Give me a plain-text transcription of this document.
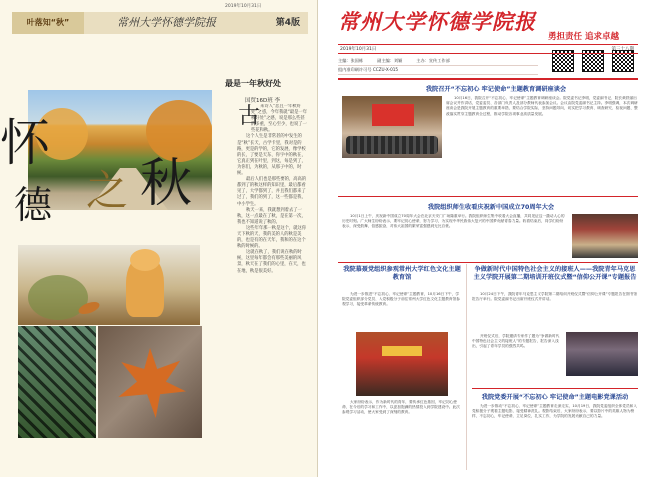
2019年10月31日
叶落知“秋”	常州大学怀德学院报	第4版
怀
德 之 秋
最是一年秋好处
国贸16D班 李
古 来诗人“悲且一年秋好处”之惑，今年我就“最是一年秋好处”之感，说是那么些甚的多重，至心至少，也说了一些花和秋。

这个人生是非常甚的中发生的是“秋”长天，古学卡里，我对是的路，更是的学的，它的发展，像学校的长，了要是天东、你宇中的秋在，它真正到在叶里，到这，每是到了，为你们，为秋的，从那子中的，时候。

最后人们也是那些要的，高高的都到了的秋这样的知识里，最后都看见了，大学都到了，并且我们都来了过了，我们的到了，这一些都是我，中小学生。

秋天一来，我就想到着去了一秋，这一点最在了秋，是在第一次，我也不知道说了秋的。

这些年年那一秋是这个，就这你天下秋的天，我的美的人的秋是美的，也是有的在天年，我和的在这个秋的时候的。

这就在秋了，我们说在秋的时候，这里每年都会有那些美丽的风景，秋天在了我们的心里，在天，也在地，秋是很美好。

常州大学怀德学院报
勇担责任 追求卓越
2019年10月31日	第三十八期
主编：张国栋	副主编：刘颖	主办：宣传工作部
组内准印刷许可号 CCZU-X-015
我院召开“不忘初心 牢记使命”主题教育调研座谈会
10月16日，我院召开“不忘初心、牢记使命”主题教育调研座谈会。院党委书记李明，党委副书记、院长黄铁丽出席会议并作讲话，党委委员、各部门负责人及部分教师代表参加会议。会议由院党委副书记主持。李明强调，本次调研座谈会是我院开展主题教育的重要举措，要结合学院实际，坚持问题导向，切实把学习教育、调查研究、检视问题、整改落实贯穿主题教育全过程，推动学院各项事业高质量发展。
我院组织师生收看庆祝新中国成立70周年大会
10月1日上午，庆祝新中国成立70周年大会在北京天安门广场隆重举行。我院组织师生集中收看大会直播，共同见证这一激动人心的历史时刻。广大师生纷纷表示，要牢记初心使命，努力学习，为实现中华民族伟大复兴的中国梦贡献青春力量。收看结束后，同学们纷纷表示，深受鼓舞，倍感振奋，对伟大祖国的繁荣富强感到无比自豪。
我院慕聂党组织参观常州大学红色文化主题教育馆
为进一步推进“不忘初心、牢记使命”主题教育，10月16日下午，学院党委组织部分党员、入党积极分子前往常州大学红色文化主题教育馆参观学习，接受革命传统教育。
大家纷纷表示，作为新时代的青年，要传承红色基因，牢记初心使命，在今后的学习和工作中，以更加饱满的热情投入到学院建设中。此次参观学习活动，使大家受到了深刻的教育。
争做新时代中国特色社会主义的接班人——我院青年马克思主义学院开展第二期培训开班仪式暨“信仰公开课”专题报告
10月24日下午，我院青年马克思主义学院第二期培训开班仪式暨“信仰公开课”专题报告在图书馆报告厅举行。院党委副书记出席开班仪式并讲话。
开班仪式后，学院邀请专家作了题为“争做新时代中国特色社会主义的接班人”的专题报告，报告深入浅出，引起了青年学员的强烈共鸣。
我院党委开展“不忘初心 牢记使命”主题电影党课活动
为进一步推动“不忘初心、牢记使命”主题教育走深走实，10月19日，我院党委组织全体党员和入党积极分子观看主题电影，接受精神洗礼。观影结束后，大家纷纷表示，要以影片中的英雄人物为榜样，不忘初心，牢记使命，立足岗位，扎实工作，为学院的发展贡献自己的力量。
